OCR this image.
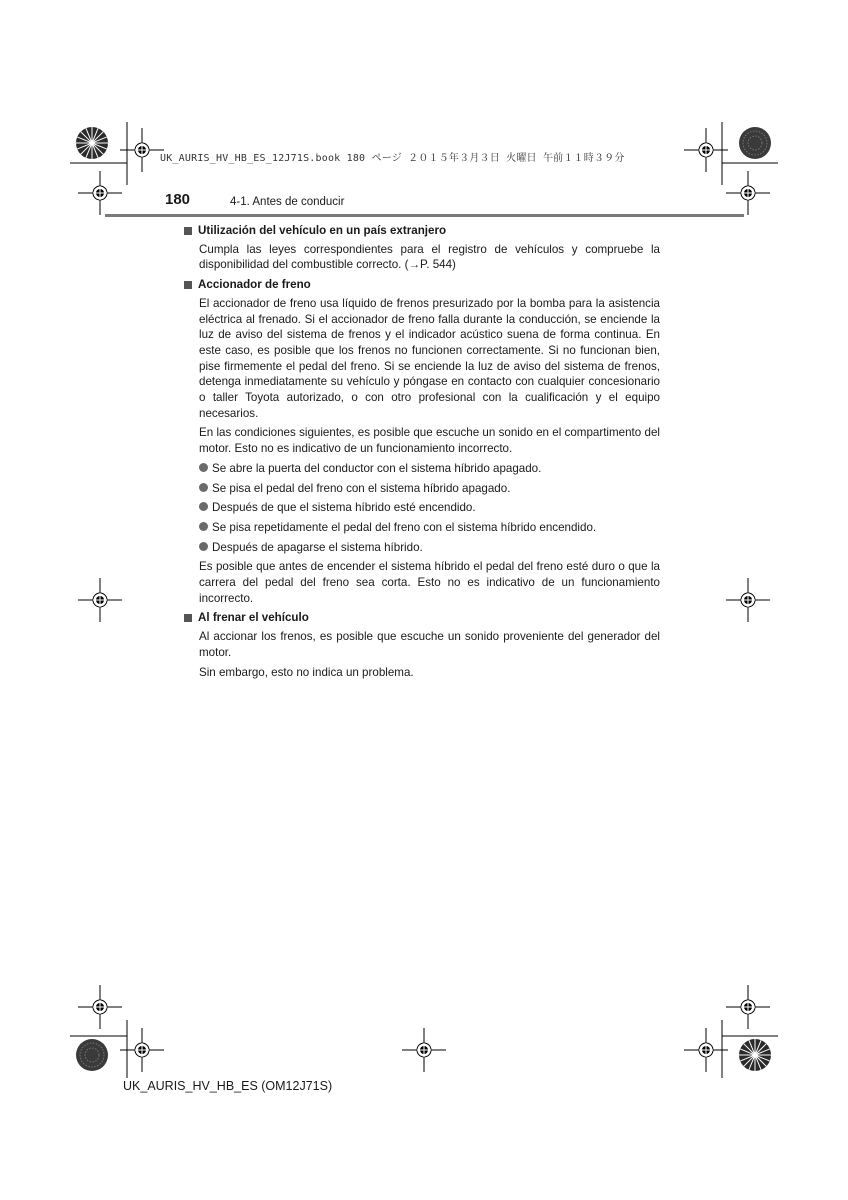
UK_AURIS_HV_HB_ES_12J71S.book 180 ページ ２０１５年３月３日 火曜日 午前１１時３９分
180	4-1. Antes de conducir
Utilización del vehículo en un país extranjero

Cumpla las leyes correspondientes para el registro de vehículos y compruebe la disponibilidad del combustible correcto. (→P. 544)

Accionador de freno

El accionador de freno usa líquido de frenos presurizado por la bomba para la asistencia eléctrica al frenado. Si el accionador de freno falla durante la conducción, se enciende la luz de aviso del sistema de frenos y el indicador acústico suena de forma continua. En este caso, es posible que los frenos no funcionen correctamente. Si no funcionan bien, pise firmemente el pedal del freno. Si se enciende la luz de aviso del sistema de frenos, detenga inmediatamente su vehículo y póngase en contacto con cualquier concesionario o taller Toyota autorizado, o con otro profesional con la cualificación y el equipo necesarios.

En las condiciones siguientes, es posible que escuche un sonido en el compartimento del motor. Esto no es indicativo de un funcionamiento incorrecto.

Se abre la puerta del conductor con el sistema híbrido apagado.
Se pisa el pedal del freno con el sistema híbrido apagado.
Después de que el sistema híbrido esté encendido.
Se pisa repetidamente el pedal del freno con el sistema híbrido encendido.
Después de apagarse el sistema híbrido.

Es posible que antes de encender el sistema híbrido el pedal del freno esté duro o que la carrera del pedal del freno sea corta. Esto no es indicativo de un funcionamiento incorrecto.

Al frenar el vehículo

Al accionar los frenos, es posible que escuche un sonido proveniente del generador del motor.

Sin embargo, esto no indica un problema.

UK_AURIS_HV_HB_ES (OM12J71S)
